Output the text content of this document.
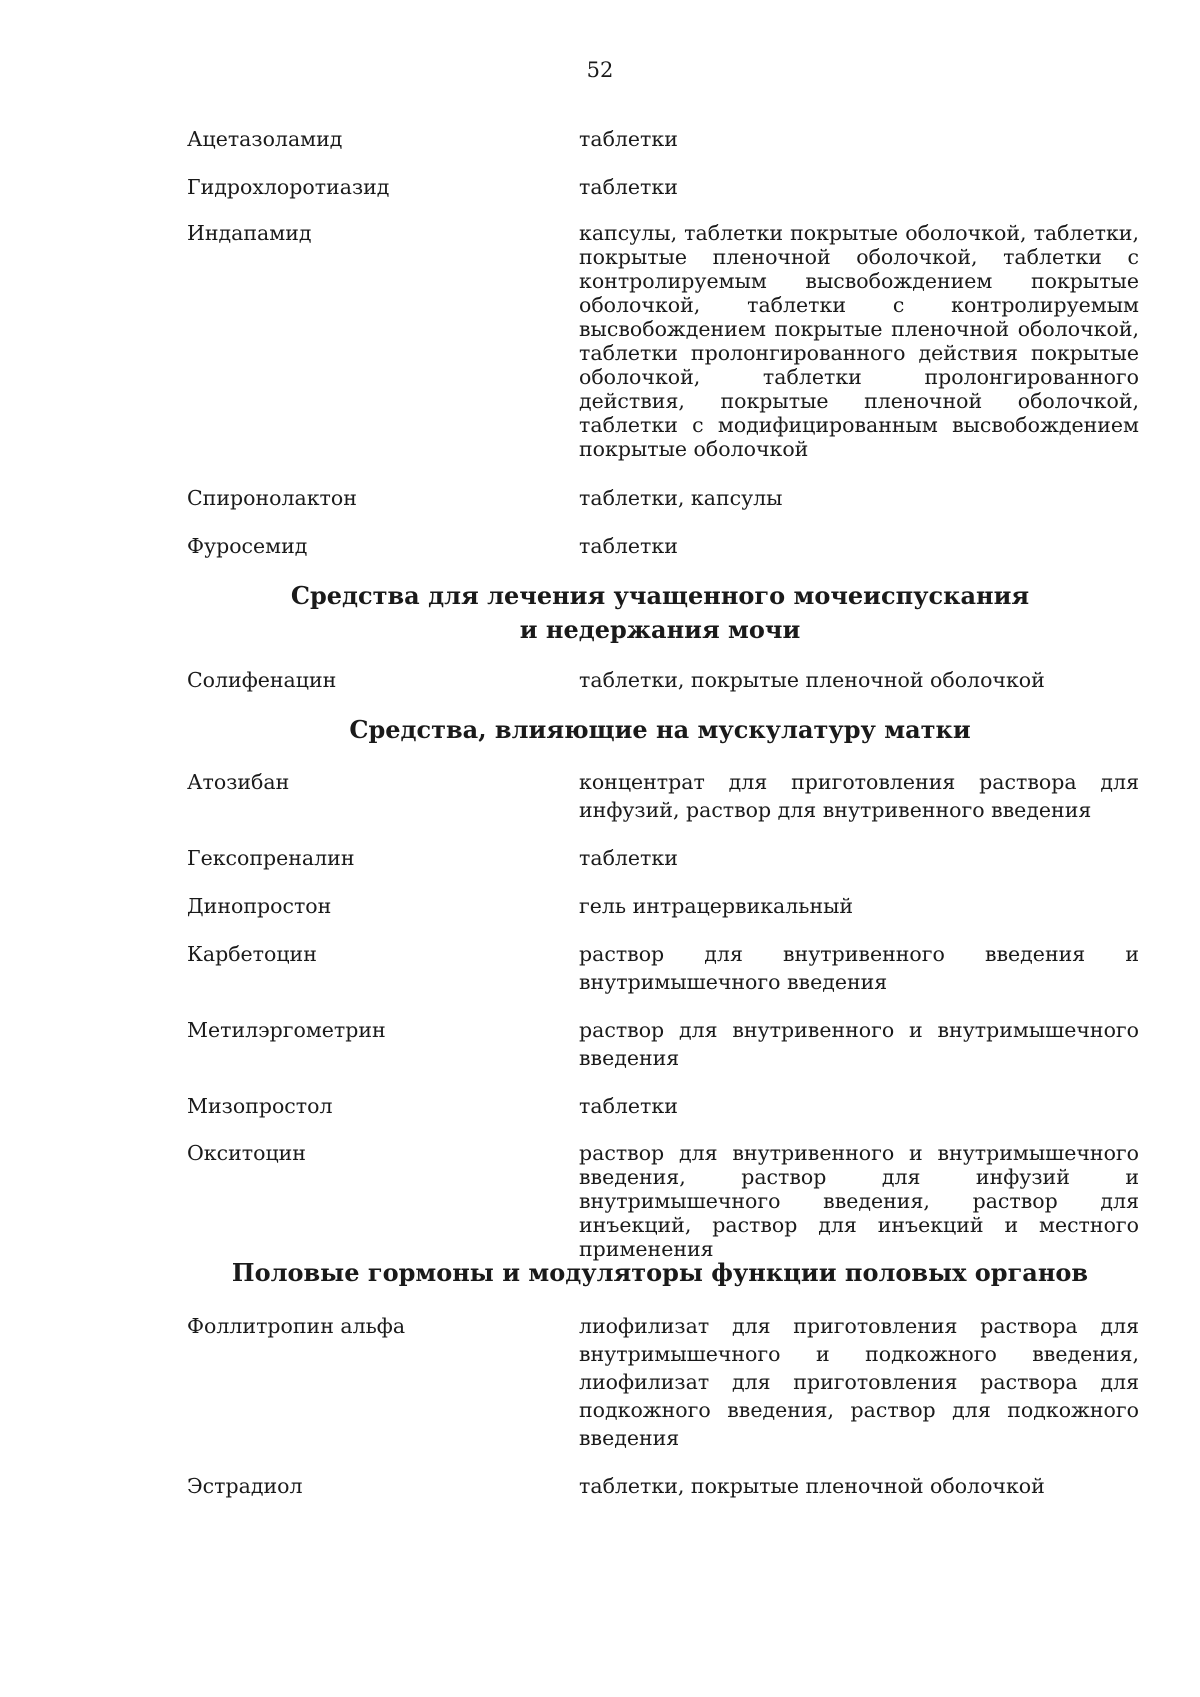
52
Ацетазоламид	таблетки
Гидрохлоротиазид	таблетки
Индапамид	капсулы, таблетки покрытые оболочкой, таблетки, покрытые пленочной оболочкой, таблетки с контролируемым высвобождением покрытые оболочкой, таблетки с контролируемым высвобождением покрытые пленочной оболочкой, таблетки пролонгированного действия покрытые оболочкой, таблетки пролонгированного действия, покрытые пленочной оболочкой, таблетки с модифицированным высвобождением покрытые оболочкой
Спиронолактон	таблетки, капсулы
Фуросемид	таблетки
Средства для лечения учащенного мочеиспускания
и недержания мочи
Солифенацин	таблетки, покрытые пленочной оболочкой
Средства, влияющие на мускулатуру матки
Атозибан	концентрат для приготовления раствора для инфузий, раствор для внутривенного введения
Гексопреналин	таблетки
Динопростон	гель интрацервикальный
Карбетоцин	раствор для внутривенного введения и внутримышечного введения
Метилэргометрин	раствор для внутривенного и внутримышечного введения
Мизопростол	таблетки
Окситоцин	раствор для внутривенного и внутримышечного введения, раствор для инфузий и внутримышечного введения, раствор для инъекций, раствор для инъекций и местного применения
Половые гормоны и модуляторы функции половых органов
Фоллитропин альфа	лиофилизат для приготовления раствора для внутримышечного и подкожного введения, лиофилизат для приготовления раствора для подкожного введения, раствор для подкожного введения
Эстрадиол	таблетки, покрытые пленочной оболочкой
